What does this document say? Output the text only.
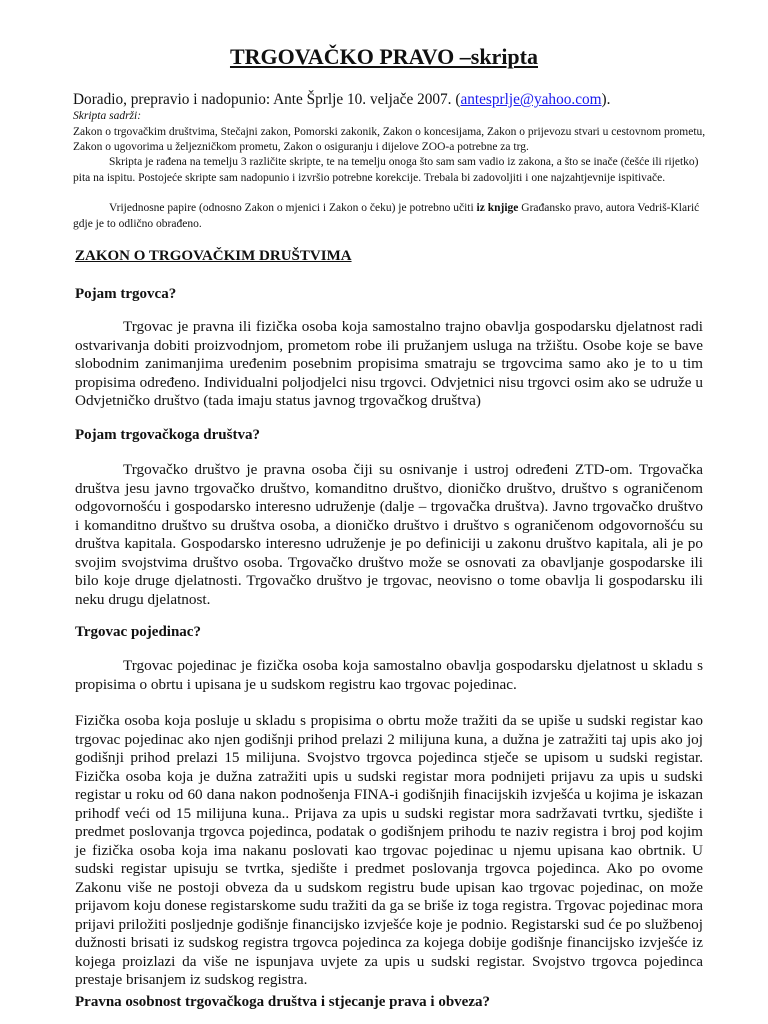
TRGOVAČKO PRAVO –skripta
Doradio, prepravio i nadopunio: Ante Šprlje 10. veljače 2007. (antesprlje@yahoo.com).
Skripta sadrži:
Zakon o trgovačkim društvima, Stečajni zakon, Pomorski zakonik, Zakon o koncesijama, Zakon o prijevozu stvari u cestovnom prometu, Zakon o ugovorima u željezničkom prometu, Zakon o osiguranju i dijelove ZOO-a potrebne za trg.
Skripta je rađena na temelju 3 različite skripte, te na temelju onoga što sam sam vadio iz zakona, a što se inače (češće ili rijetko) pita na ispitu. Postojeće skripte sam nadopunio i izvršio potrebne korekcije. Trebala bi zadovoljiti i one najzahtjevnije ispitivače.
Vrijednosne papire (odnosno Zakon o mjenici i Zakon o čeku) je potrebno učiti iz knjige Građansko pravo, autora Vedriš-Klarić gdje je to odlično obrađeno.
ZAKON O TRGOVAČKIM DRUŠTVIMA
Pojam trgovca?
Trgovac je pravna ili fizička osoba koja samostalno trajno obavlja gospodarsku djelatnost radi ostvarivanja dobiti proizvodnjom, prometom robe ili pružanjem usluga na tržištu. Osobe koje se bave slobodnim zanimanjima uređenim posebnim propisima smatraju se trgovcima samo ako je to u tim propisima određeno. Individualni poljodjelci nisu trgovci. Odvjetnici nisu trgovci osim ako se udruže u Odvjetničko društvo (tada imaju status javnog trgovačkog društva)
Pojam trgovačkoga društva?
Trgovačko društvo je pravna osoba čiji su osnivanje i ustroj određeni ZTD-om. Trgovačka društva jesu javno trgovačko društvo, komanditno društvo, dioničko društvo, društvo s ograničenom odgovornošću i gospodarsko interesno udruženje (dalje – trgovačka društva). Javno trgovačko društvo i komanditno društvo su društva osoba, a dioničko društvo i društvo s ograničenom odgovornošću su društva kapitala. Gospodarsko interesno udruženje je po definiciji u zakonu društvo kapitala, ali je po svojim svojstvima društvo osoba. Trgovačko društvo može se osnovati za obavljanje gospodarske ili bilo koje druge djelatnosti. Trgovačko društvo je trgovac, neovisno o tome obavlja li gospodarsku ili neku drugu djelatnost.
Trgovac pojedinac?
Trgovac pojedinac je fizička osoba koja samostalno obavlja gospodarsku djelatnost u skladu s propisima o obrtu i upisana je u sudskom registru kao trgovac pojedinac.
Fizička osoba koja posluje u skladu s propisima o obrtu može tražiti da se upiše u sudski registar kao trgovac pojedinac ako njen godišnji prihod prelazi 2 milijuna kuna, a dužna je zatražiti taj upis ako joj godišnji prihod prelazi 15 milijuna. Svojstvo trgovca pojedinca stječe se upisom u sudski registar. Fizička osoba koja je dužna zatražiti upis u sudski registar mora podnijeti prijavu za upis u sudski registar u roku od 60 dana nakon podnošenja FINA-i godišnjih finacijskih izvješća u kojima je iskazan prihodf veći od 15 milijuna kuna.. Prijava za upis u sudski registar mora sadržavati tvrtku, sjedište i predmet poslovanja trgovca pojedinca, podatak o godišnjem prihodu te naziv registra i broj pod kojim je fizička osoba koja ima nakanu poslovati kao trgovac pojedinac u njemu upisana kao obrtnik. U sudski registar upisuju se tvrtka, sjedište i predmet poslovanja trgovca pojedinca. Ako po ovome Zakonu više ne postoji obveza da u sudskom registru bude upisan kao trgovac pojedinac, on može prijavom koju donese registarskome sudu tražiti da ga se briše iz toga registra. Trgovac pojedinac mora prijavi priložiti posljednje godišnje financijsko izvješće koje je podnio. Registarski sud će po službenoj dužnosti brisati iz sudskog registra trgovca pojedinca za kojega dobije godišnje financijsko izvješće iz kojega proizlazi da više ne ispunjava uvjete za upis u sudski registar. Svojstvo trgovca pojedinca prestaje brisanjem iz sudskog registra.
Pravna osobnost trgovačkoga društva i stjecanje prava i obveza?
